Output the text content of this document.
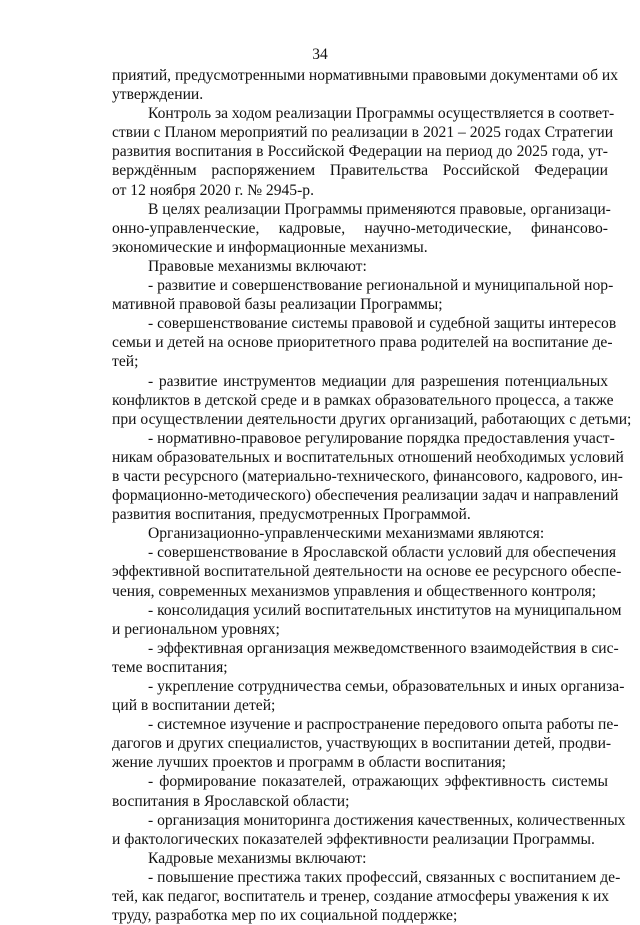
34
приятий, предусмотренными нормативными правовыми документами об их
утверждении.
Контроль за ходом реализации Программы осуществляется в соответ-
ствии с Планом мероприятий по реализации в 2021 – 2025 годах Стратегии
развития воспитания в Российской Федерации на период до 2025 года, ут-
верждённым распоряжением Правительства Российской Федерации
от 12 ноября 2020 г. № 2945-р.
В целях реализации Программы применяются правовые, организаци-
онно-управленческие, кадровые, научно-методические, финансово-
экономические и информационные механизмы.
Правовые механизмы включают:
- развитие и совершенствование региональной и муниципальной нор-
мативной правовой базы реализации Программы;
- совершенствование системы правовой и судебной защиты интересов
семьи и детей на основе приоритетного права родителей на воспитание де-
тей;
- развитие инструментов медиации для разрешения потенциальных
конфликтов в детской среде и в рамках образовательного процесса, а также
при осуществлении деятельности других организаций, работающих с детьми;
- нормативно-правовое регулирование порядка предоставления участ-
никам образовательных и воспитательных отношений необходимых условий
в части ресурсного (материально-технического, финансового, кадрового, ин-
формационно-методического) обеспечения реализации задач и направлений
развития воспитания, предусмотренных Программой.
Организационно-управленческими механизмами являются:
- совершенствование в Ярославской области условий для обеспечения
эффективной воспитательной деятельности на основе ее ресурсного обеспе-
чения, современных механизмов управления и общественного контроля;
- консолидация усилий воспитательных институтов на муниципальном
и региональном уровнях;
- эффективная организация межведомственного взаимодействия в сис-
теме воспитания;
- укрепление сотрудничества семьи, образовательных и иных организа-
ций в воспитании детей;
- системное изучение и распространение передового опыта работы пе-
дагогов и других специалистов, участвующих в воспитании детей, продви-
жение лучших проектов и программ в области воспитания;
- формирование показателей, отражающих эффективность системы
воспитания в Ярославской области;
- организация мониторинга достижения качественных, количественных
и фактологических показателей эффективности реализации Программы.
Кадровые механизмы включают:
- повышение престижа таких профессий, связанных с воспитанием де-
тей, как педагог, воспитатель и тренер, создание атмосферы уважения к их
труду, разработка мер по их социальной поддержке;
